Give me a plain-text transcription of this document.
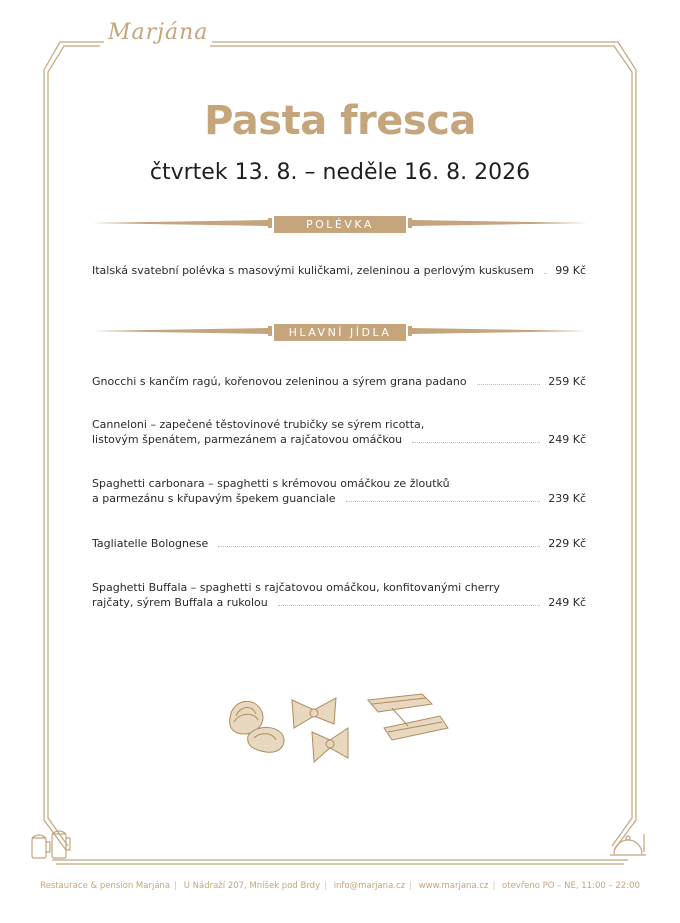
Marjána
Pasta fresca
čtvrtek 13. 8. – neděle 16. 8. 2026
POLÉVKA
Italská svatební polévka s masovými kuličkami, zeleninou a perlovým kuskusem 99 Kč
HLAVNÍ JÍDLA
Gnocchi s kančím ragú, kořenovou zeleninou a sýrem grana padano	259 Kč
Canneloni – zapečené těstovinové trubičky se sýrem ricotta,
listovým špenátem, parmezánem a rajčatovou omáčkou	249 Kč
Spaghetti carbonara – spaghetti s krémovou omáčkou ze žloutků
a parmezánu s křupavým špekem guanciale	239 Kč
Tagliatelle Bolognese	229 Kč
Spaghetti Buffala – spaghetti s rajčatovou omáčkou, konfitovanými cherry
rajčaty, sýrem Buffala a rukolou	249 Kč
Restaurace & pension Marjána | U Nádraží 207, Mníšek pod Brdy | info@marjana.cz | www.marjana.cz | otevřeno PO – NE, 11:00 – 22:00
